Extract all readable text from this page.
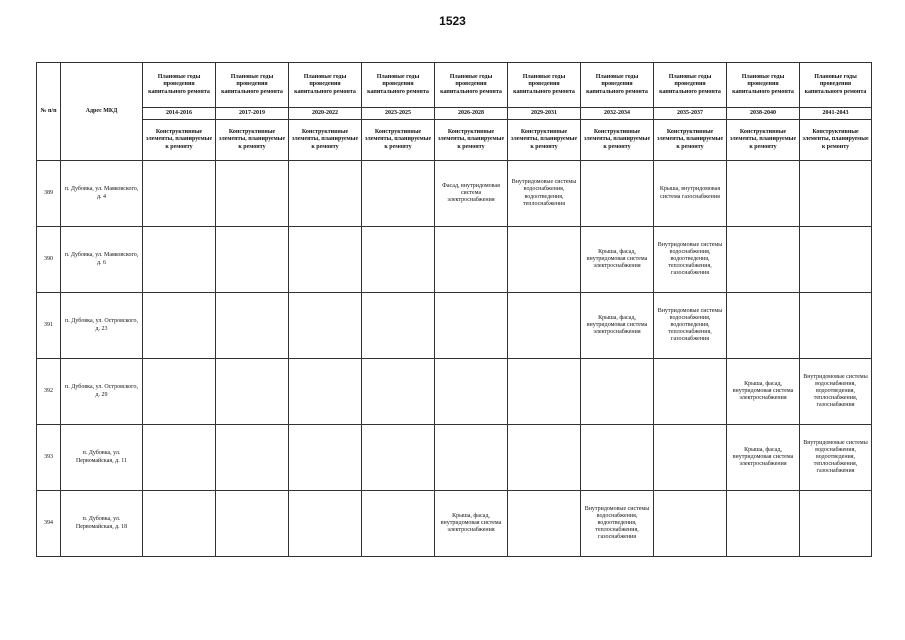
1523
№ п/п	Адрес МКД	Плановые годы проведения капитального ремонта	Плановые годы проведения капитального ремонта	Плановые годы проведения капитального ремонта	Плановые годы проведения капитального ремонта	Плановые годы проведения капитального ремонта	Плановые годы проведения капитального ремонта	Плановые годы проведения капитального ремонта	Плановые годы проведения капитального ремонта	Плановые годы проведения капитального ремонта	Плановые годы проведения капитального ремонта
		2014-2016	2017-2019	2020-2022	2023-2025	2026-2028	2029-2031	2032-2034	2035-2037	2038-2040	2041-2043
		Конструктивные элементы, планируемые к ремонту	Конструктивные элементы, планируемые к ремонту	Конструктивные элементы, планируемые к ремонту	Конструктивные элементы, планируемые к ремонту	Конструктивные элементы, планируемые к ремонту	Конструктивные элементы, планируемые к ремонту	Конструктивные элементы, планируемые к ремонту	Конструктивные элементы, планируемые к ремонту	Конструктивные элементы, планируемые к ремонту	Конструктивные элементы, планируемые к ремонту
389	п. Дубовка, ул. Маяковского, д. 4					Фасад, внутридомовая система электроснабжения	Внутридомовые системы водоснабжения, водоотведения, теплоснабжения		Крыша, внутридомовая система газоснабжения		
390	п. Дубовка, ул. Маяковского, д. 6							Крыша, фасад, внутридомовая система электроснабжения	Внутридомовые системы водоснабжения, водоотведения, теплоснабжения, газоснабжения		
391	п. Дубовка, ул. Островского, д. 23							Крыша, фасад, внутридомовая система электроснабжения	Внутридомовые системы водоснабжения, водоотведения, теплоснабжения, газоснабжения		
392	п. Дубовка, ул. Островского, д. 29									Крыша, фасад, внутридомовая система электроснабжения	Внутридомовые системы водоснабжения, водоотведения, теплоснабжения, газоснабжения
393	п. Дубовка, ул. Первомайская, д. 11									Крыша, фасад, внутридомовая система электроснабжения	Внутридомовые системы водоснабжения, водоотведения, теплоснабжения, газоснабжения
394	п. Дубовка, ул. Первомайская, д. 18					Крыша, фасад, внутридомовая система электроснабжения		Внутридомовые системы водоснабжения, водоотведения, теплоснабжения, газоснабжения			
